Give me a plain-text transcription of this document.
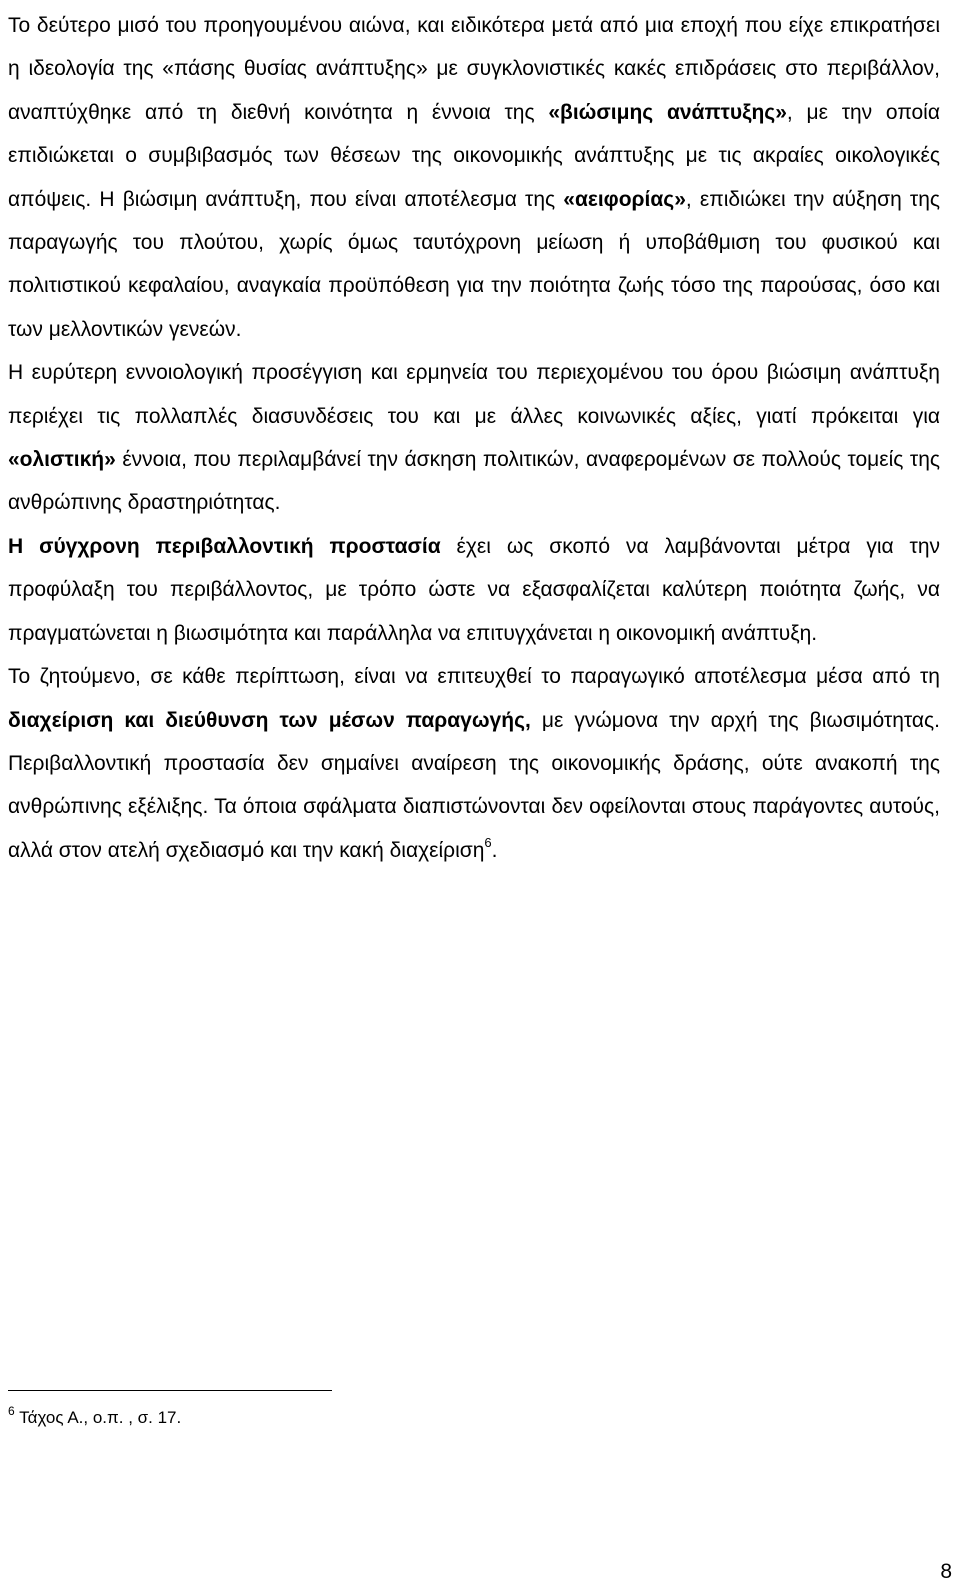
Το δεύτερο μισό του προηγουμένου αιώνα, και ειδικότερα μετά από μια εποχή που είχε επικρατήσει η ιδεολογία της «πάσης θυσίας ανάπτυξης» με συγκλονιστικές κακές επιδράσεις στο περιβάλλον, αναπτύχθηκε από τη διεθνή κοινότητα η έννοια της «βιώσιμης ανάπτυξης», με την οποία επιδιώκεται ο συμβιβασμός των θέσεων της οικονομικής ανάπτυξης με τις ακραίες οικολογικές απόψεις. Η βιώσιμη ανάπτυξη, που είναι αποτέλεσμα της «αειφορίας», επιδιώκει την αύξηση της παραγωγής του πλούτου, χωρίς όμως ταυτόχρονη μείωση ή υποβάθμιση του φυσικού και πολιτιστικού κεφαλαίου, αναγκαία προϋπόθεση για την ποιότητα ζωής τόσο της παρούσας, όσο και των μελλοντικών γενεών.

Η ευρύτερη εννοιολογική προσέγγιση και ερμηνεία του περιεχομένου του όρου βιώσιμη ανάπτυξη περιέχει τις πολλαπλές διασυνδέσεις του και με άλλες κοινωνικές αξίες, γιατί πρόκειται για «ολιστική» έννοια, που περιλαμβάνεί την άσκηση πολιτικών, αναφερομένων σε πολλούς τομείς της ανθρώπινης δραστηριότητας.

Η σύγχρονη περιβαλλοντική προστασία έχει ως σκοπό να λαμβάνονται μέτρα για την προφύλαξη του περιβάλλοντος, με τρόπο ώστε να εξασφαλίζεται καλύτερη ποιότητα ζωής, να πραγματώνεται η βιωσιμότητα και παράλληλα να επιτυγχάνεται η οικονομική ανάπτυξη.

Το ζητούμενο, σε κάθε περίπτωση, είναι να επιτευχθεί το παραγωγικό αποτέλεσμα μέσα από τη διαχείριση και διεύθυνση των μέσων παραγωγής, με γνώμονα την αρχή της βιωσιμότητας. Περιβαλλοντική προστασία δεν σημαίνει αναίρεση της οικονομικής δράσης, ούτε ανακοπή της ανθρώπινης εξέλιξης. Τα όποια σφάλματα διαπιστώνονται δεν οφείλονται στους παράγοντες αυτούς, αλλά στον ατελή σχεδιασμό και την κακή διαχείριση$^6$.

$^6$ Τάχος Α., ο.π. , σ. 17.

8
